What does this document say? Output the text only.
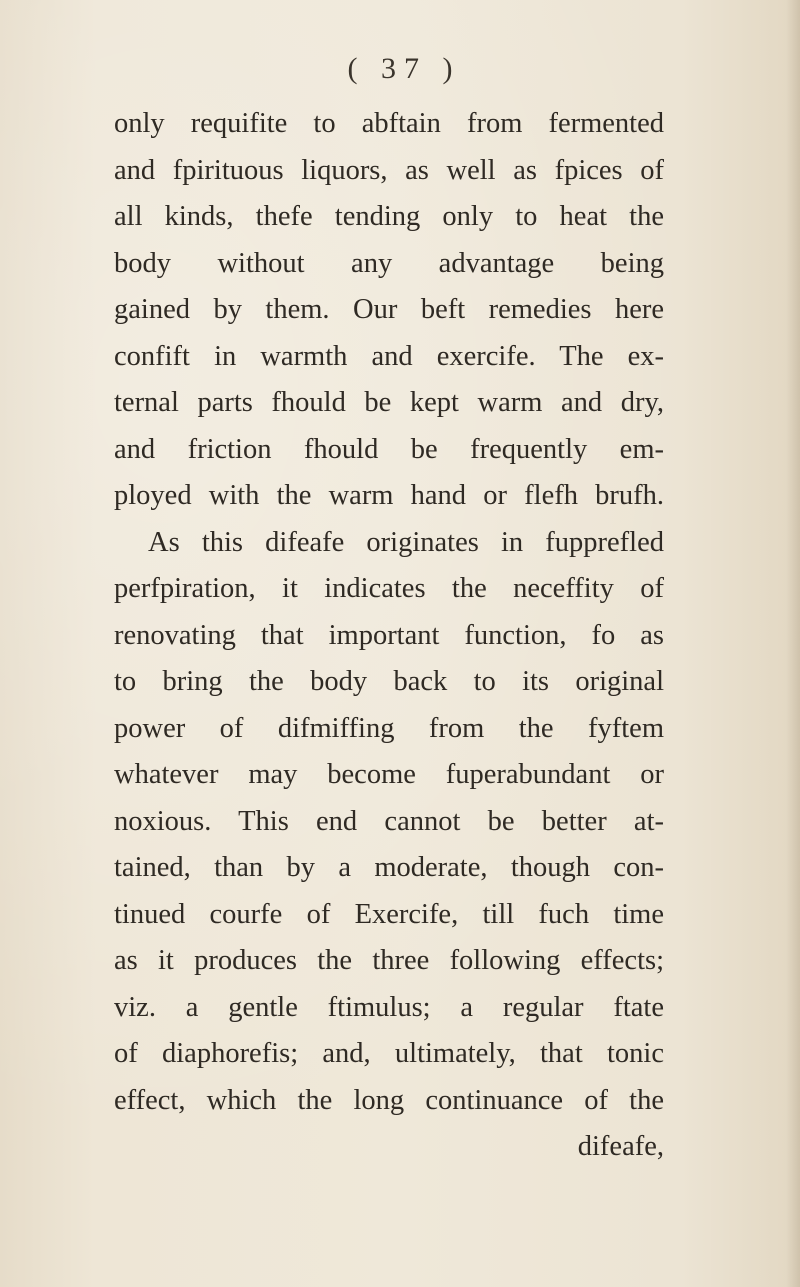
( 37 )
only requifite to abftain from fermented
and fpirituous liquors, as well as fpices of
all kinds, thefe tending only to heat the
body without any advantage being
gained by them. Our beft remedies here
confift in warmth and exercife. The ex-
ternal parts fhould be kept warm and dry,
and friction fhould be frequently em-
ployed with the warm hand or flefh brufh.
As this difeafe originates in fupprefled
perfpiration, it indicates the neceffity of
renovating that important function, fo as
to bring the body back to its original
power of difmiffing from the fyftem
whatever may become fuperabundant or
noxious. This end cannot be better at-
tained, than by a moderate, though con-
tinued courfe of Exercife, till fuch time
as it produces the three following effects;
viz. a gentle ftimulus; a regular ftate
of diaphorefis; and, ultimately, that tonic
effect, which the long continuance of the
difeafe,
